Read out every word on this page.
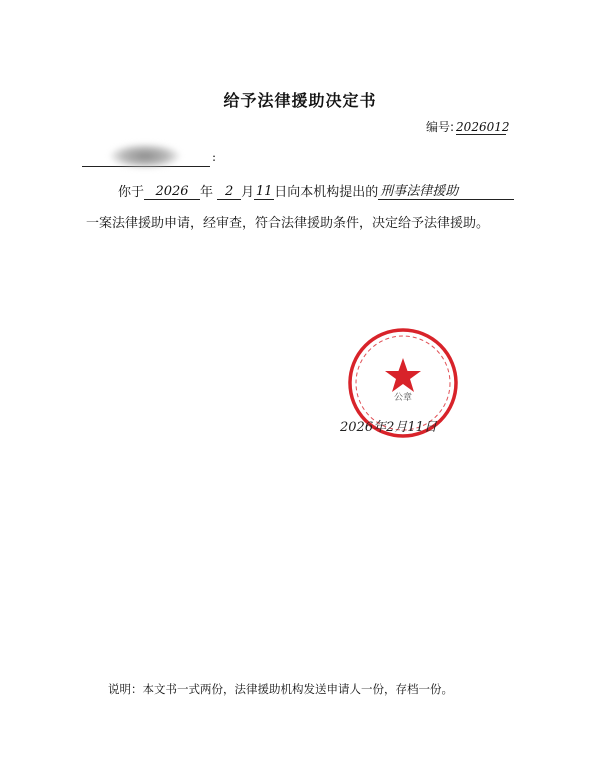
给予法律援助决定书
编号: 2026012
:
你于 2026 年 2 月 11 日向本机构提出的 刑事法律援助
一案法律援助申请，经审查，符合法律援助条件，决定给予法律援助。
公章
2026年2月11日
说明：本文书一式两份，法律援助机构发送申请人一份，存档一份。
